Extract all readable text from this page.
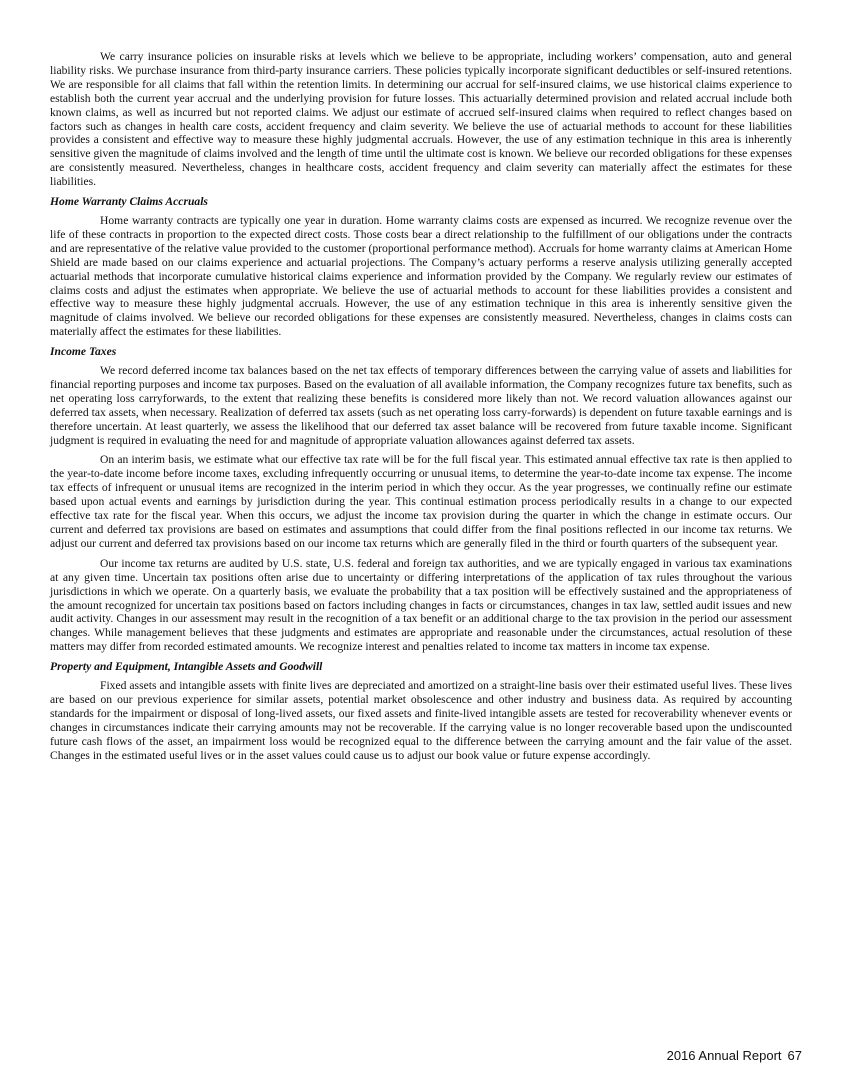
We carry insurance policies on insurable risks at levels which we believe to be appropriate, including workers’ compensation, auto and general liability risks. We purchase insurance from third-party insurance carriers. These policies typically incorporate significant deductibles or self-insured retentions. We are responsible for all claims that fall within the retention limits. In determining our accrual for self-insured claims, we use historical claims experience to establish both the current year accrual and the underlying provision for future losses. This actuarially determined provision and related accrual include both known claims, as well as incurred but not reported claims. We adjust our estimate of accrued self-insured claims when required to reflect changes based on factors such as changes in health care costs, accident frequency and claim severity. We believe the use of actuarial methods to account for these liabilities provides a consistent and effective way to measure these highly judgmental accruals. However, the use of any estimation technique in this area is inherently sensitive given the magnitude of claims involved and the length of time until the ultimate cost is known. We believe our recorded obligations for these expenses are consistently measured. Nevertheless, changes in healthcare costs, accident frequency and claim severity can materially affect the estimates for these liabilities.

Home Warranty Claims Accruals

Home warranty contracts are typically one year in duration. Home warranty claims costs are expensed as incurred. We recognize revenue over the life of these contracts in proportion to the expected direct costs. Those costs bear a direct relationship to the fulfillment of our obligations under the contracts and are representative of the relative value provided to the customer (proportional performance method). Accruals for home warranty claims at American Home Shield are made based on our claims experience and actuarial projections. The Company’s actuary performs a reserve analysis utilizing generally accepted actuarial methods that incorporate cumulative historical claims experience and information provided by the Company. We regularly review our estimates of claims costs and adjust the estimates when appropriate. We believe the use of actuarial methods to account for these liabilities provides a consistent and effective way to measure these highly judgmental accruals. However, the use of any estimation technique in this area is inherently sensitive given the magnitude of claims involved. We believe our recorded obligations for these expenses are consistently measured. Nevertheless, changes in claims costs can materially affect the estimates for these liabilities.

Income Taxes

We record deferred income tax balances based on the net tax effects of temporary differences between the carrying value of assets and liabilities for financial reporting purposes and income tax purposes. Based on the evaluation of all available information, the Company recognizes future tax benefits, such as net operating loss carryforwards, to the extent that realizing these benefits is considered more likely than not. We record valuation allowances against our deferred tax assets, when necessary. Realization of deferred tax assets (such as net operating loss carry-forwards) is dependent on future taxable earnings and is therefore uncertain. At least quarterly, we assess the likelihood that our deferred tax asset balance will be recovered from future taxable income. Significant judgment is required in evaluating the need for and magnitude of appropriate valuation allowances against deferred tax assets.

On an interim basis, we estimate what our effective tax rate will be for the full fiscal year. This estimated annual effective tax rate is then applied to the year-to-date income before income taxes, excluding infrequently occurring or unusual items, to determine the year-to-date income tax expense. The income tax effects of infrequent or unusual items are recognized in the interim period in which they occur. As the year progresses, we continually refine our estimate based upon actual events and earnings by jurisdiction during the year. This continual estimation process periodically results in a change to our expected effective tax rate for the fiscal year. When this occurs, we adjust the income tax provision during the quarter in which the change in estimate occurs. Our current and deferred tax provisions are based on estimates and assumptions that could differ from the final positions reflected in our income tax returns. We adjust our current and deferred tax provisions based on our income tax returns which are generally filed in the third or fourth quarters of the subsequent year.

Our income tax returns are audited by U.S. state, U.S. federal and foreign tax authorities, and we are typically engaged in various tax examinations at any given time. Uncertain tax positions often arise due to uncertainty or differing interpretations of the application of tax rules throughout the various jurisdictions in which we operate. On a quarterly basis, we evaluate the probability that a tax position will be effectively sustained and the appropriateness of the amount recognized for uncertain tax positions based on factors including changes in facts or circumstances, changes in tax law, settled audit issues and new audit activity. Changes in our assessment may result in the recognition of a tax benefit or an additional charge to the tax provision in the period our assessment changes. While management believes that these judgments and estimates are appropriate and reasonable under the circumstances, actual resolution of these matters may differ from recorded estimated amounts. We recognize interest and penalties related to income tax matters in income tax expense.

Property and Equipment, Intangible Assets and Goodwill

Fixed assets and intangible assets with finite lives are depreciated and amortized on a straight-line basis over their estimated useful lives. These lives are based on our previous experience for similar assets, potential market obsolescence and other industry and business data. As required by accounting standards for the impairment or disposal of long-lived assets, our fixed assets and finite-lived intangible assets are tested for recoverability whenever events or changes in circumstances indicate their carrying amounts may not be recoverable. If the carrying value is no longer recoverable based upon the undiscounted future cash flows of the asset, an impairment loss would be recognized equal to the difference between the carrying amount and the fair value of the asset. Changes in the estimated useful lives or in the asset values could cause us to adjust our book value or future expense accordingly.

2016 Annual Report 67
